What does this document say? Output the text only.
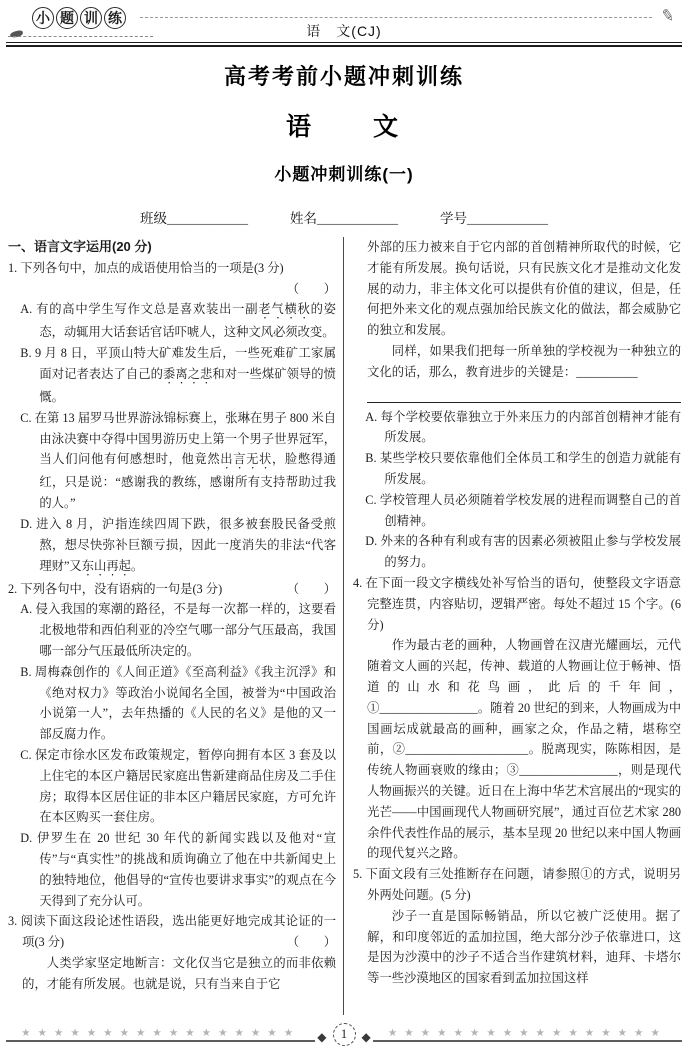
小 题 训 练
语　文(CJ)
✎
高考考前小题冲刺训练
语　　文
小题冲刺训练(一)
班级____________	姓名____________	学号____________
一、语言文字运用(20 分)
1. 下列各句中，加点的成语使用恰当的一项是(3 分)
（　　）
A. 有的高中学生写作文总是喜欢装出一副老气横秋的姿态，动辄用大话套话官话吓唬人，这种文风必须改变。
B. 9 月 8 日，平顶山特大矿难发生后，一些死难矿工家属面对记者表达了自己的黍离之悲和对一些煤矿领导的愤慨。
C. 在第 13 届罗马世界游泳锦标赛上，张琳在男子 800 米自由泳决赛中夺得中国男游历史上第一个男子世界冠军，当人们问他有何感想时，他竟然出言无状，脸憋得通红，只是说：“感谢我的教练，感谢所有支持帮助过我的人。”
D. 进入 8 月，沪指连续四周下跌，很多被套股民备受煎熬，想尽快弥补巨额亏损，因此一度消失的非法“代客理财”又东山再起。
2. 下列各句中，没有语病的一句是(3 分)	（　　）
A. 侵入我国的寒潮的路径，不是每一次都一样的，这要看北极地带和西伯利亚的冷空气哪一部分气压最高，我国哪一部分气压最低所决定的。
B. 周梅森创作的《人间正道》《至高利益》《我主沉浮》和《绝对权力》等政治小说闻名全国，被誉为“中国政治小说第一人”，去年热播的《人民的名义》是他的又一部反腐力作。
C. 保定市徐水区发布政策规定，暂停向拥有本区 3 套及以上住宅的本区户籍居民家庭出售新建商品住房及二手住房；取得本区居住证的非本区户籍居民家庭，方可允许在本区购买一套住房。
D. 伊罗生在 20 世纪 30 年代的新闻实践以及他对“宣传”与“真实性”的挑战和质询确立了他在中共新闻史上的独特地位，他倡导的“宣传也要讲求事实”的观点在今天得到了充分认可。
3. 阅读下面这段论述性语段，选出能更好地完成其论证的一项(3 分)	（　　）
人类学家坚定地断言：文化仅当它是独立的而非依赖的，才能有所发展。也就是说，只有当来自于它
外部的压力被来自于它内部的首创精神所取代的时候，它才能有所发展。换句话说，只有民族文化才是推动文化发展的动力，非主体文化可以提供有价值的建议，但是，任何把外来文化的观点强加给民族文化的做法，都会威胁它的独立和发展。
同样，如果我们把每一所单独的学校视为一种独立的文化的话，那么，教育进步的关键是：__________
A. 每个学校要依靠独立于外来压力的内部首创精神才能有所发展。
B. 某些学校只要依靠他们全体员工和学生的创造力就能有所发展。
C. 学校管理人员必须随着学校发展的进程而调整自己的首创精神。
D. 外来的各种有利或有害的因素必须被阻止参与学校发展的努力。
4. 在下面一段文字横线处补写恰当的语句，使整段文字语意完整连贯，内容贴切，逻辑严密。每处不超过 15 个字。(6 分)
作为最古老的画种，人物画曾在汉唐光耀画坛，元代随着文人画的兴起，传神、载道的人物画让位于畅神、悟道的山水和花鸟画，此后的千年间，①________________。随着 20 世纪的到来，人物画成为中国画坛成就最高的画种，画家之众，作品之精，堪称空前，②____________________。脱离现实，陈陈相因，是传统人物画衰败的缘由；③________________，则是现代人物画振兴的关键。近日在上海中华艺术宫展出的“现实的光芒——中国画现代人物画研究展”，通过百位艺术家 280 余件代表性作品的展示，基本呈现 20 世纪以来中国人物画的现代复兴之路。
5. 下面文段有三处推断存在问题，请参照①的方式，说明另外两处问题。(5 分)
沙子一直是国际畅销品，所以它被广泛使用。据了解，和印度邻近的孟加拉国，绝大部分沙子依靠进口，这是因为沙漠中的沙子不适合当作建筑材料，迪拜、卡塔尔等一些沙漠地区的国家看到孟加拉国这样
★★★★★★★★★★★★★★★★★	◆ 1 ◆	★★★★★★★★★★★★★★★★★
